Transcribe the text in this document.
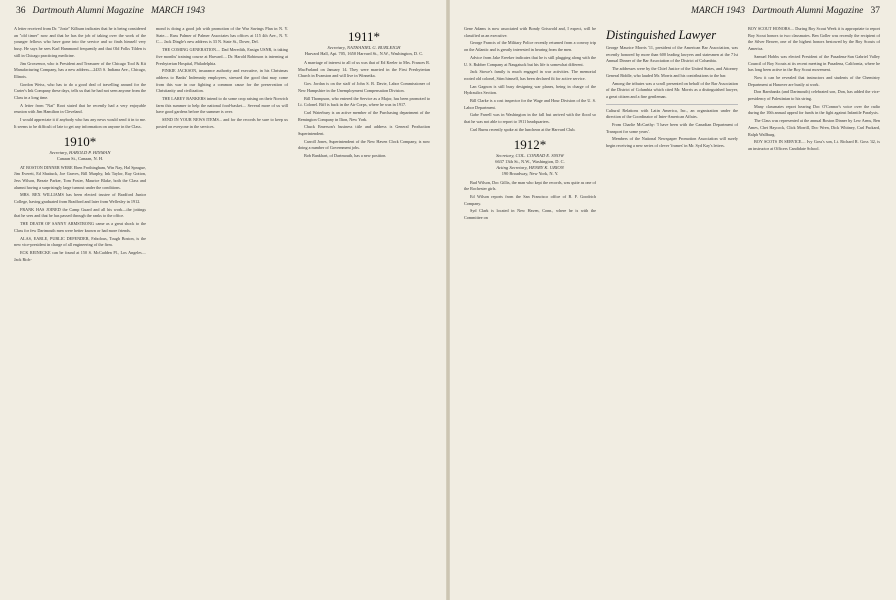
36 Dartmouth Alumni Magazine MARCH 1943

A letter received from Dr. "Josie" Kilburn indicates that he is being considered an "old timer" now and that he has the job of taking over the work of the younger fellows who have gone into the service and so finds himself very busy. He says he sees Karl Hammond frequently and that Old Folks Tilden is still in Chicago practicing medicine.

Jim Grosvenor, who is President and Treasurer of the Chicago Tool & Kit Manufacturing Company, has a new address—2435 S. Indiana Ave., Chicago, Illinois.

Gordon Weiss, who has to do a good deal of travelling around for the Carter's Ink Company these days, tells us that he had not seen anyone from the Class in a long time.

A letter from "Nat" Root stated that he recently had a very enjoyable reunion with Jim Hamilton in Cleveland.

I would appreciate it if anybody who has any news would send it in to me. It seems to be difficult of late to get any information on anyone in the Class.

1910*
Secretary, HAROLD P. HINMAN
Canaan St., Canaan, N. H.

AT BOSTON DINNER WERE Eben Frothingham, Win Nay, Hal Sprague, Jim Everett, Ed Shattuck, Joe Graves, Bill Murphy, Ink Taylor, Ray Gotton, Jess Wilson, Bezzie Parker, Tom Foster, Maurice Blake, both the Class and alumni having a surprisingly large turnout under the conditions.

MRS. REX WILLIAMS has been elected trustee of Bradford Junior College, having graduated from Bradford and later from Wellesley in 1912.

FRANK HAS JOINED the Camp Guard and all his work—the jottings that he sees and that he has passed through the ranks to the office.

THE DEATH OF SANNY ARMSTRONG came as a great shock to the Class for few Dartmouth men were better known or had more friends.

ALAS, EARLE, PUBLIC DEFENDER, Fabolous, Tough Boston, is the new vice-president in charge of all engineering of the firm.

ECK REINECKE can be found at 150 S. McCadden Pl., Los Angeles.... Jack Rich-

mond is doing a good job with promotion of the War Savings Plan in N. Y. State.... Russ Palmer of Palmer Associates has offices at 115 4th Ave., N. Y. C.... Jack Dingle's new address is 33 N. State St., Dover, Del.

THE COMING GENERATION.... Dad Meredith, Ensign USNR, is taking five months' training course at Harvard.... Dr. Harold Robinson is interning at Presbyterian Hospital, Philadelphia.

PINKIE JACKSON, insurance authority and executive, in his Christmas address to Banks' Indemnity employees, stressed the good that may come from this war in our fighting a common cause for the preservation of Christianity and civilization.

THE LAREY BANKERS intend to do some crop raising on their Norwich farm this summer to help the national food-basket.... Several more of us will have good gardens before the summer is over.

SEND IN YOUR NEWS ITEMS... and for the records be sure to keep us posted on everyone in the services.

1911*
Secretary, NATHANIEL G. BURLEIGH
Harvard Hall, Apt. 705, 1650 Harvard St., N.W., Washington, D. C.

A marriage of interest to all of us was that of Ed Keeler to Mrs. Frances R. MacFarland on January 14. They were married in the First Presbyterian Church in Evanston and will live in Winnetka.

Gov. Jordan is on the staff of John S. B. Davie, Labor Commissioner of New Hampshire in the Unemployment Compensation Division.

Bill Thompson, who entered the Service as a Major, has been promoted to Lt. Colonel. Biff is back in the Air Corps, where he was in 1917.

Carl Waterbury is an active member of the Purchasing department of the Remington Company in Ilion, New York.

Chuck Emerson's business title and address is General Production Superintendent.

Carroll Jones, Superintendent of the New Haven Clock Company, is now doing a number of Government jobs.

Bob Bankhart, of Dartmouth, has a new position.

MARCH 1943 Dartmouth Alumni Magazine 37

Gene Adams is now associated with Bondy Griswold and, I expect, will be classified as an executive.

George Francis of the Military Police recently returned from a convoy trip on the Atlantic and is greatly interested in hearing from the men.

Advice from Jake Ereeker indicates that he is still plugging along with the U. S. Rubber Company at Naugatuck but his life is somewhat different.

Jack Stowe's family is much engaged in war activities. The memorial rooted old colonel, Stim himself, has been declared fit for active service.

Lan Gagnon is still busy designing war planes, being in charge of the Hydraulics Section.

Bill Clarke is a cost inspector for the Wage and Hour Division of the U. S. Labor Department.

Gabe Farrell was in Washington in the fall but arrived with the flood so that he was not able to report to 1911 headquarters.

Carl Burns recently spoke at the luncheon at the Harvard Club.

1912*
Secretary, COL. CONRAD E. SNOW
6637 13th St., N.W., Washington, D. C.
Acting Secretary, HENRY K. URION
190 Broadway, New York, N. Y.

Bud Wilson, Doc Gillis, the man who kept the records, was quite as one of the Rochester girls.

Ed Wilson reports from the San Francisco office of B. F. Goodrich Company.

Syd Clark is located in New Haven, Conn., where he is with the Committee on

Distinguished Lawyer

George Maurice Morris '11, president of the American Bar Association, was recently honored by more than 600 leading lawyers and statesmen at the 71st Annual Dinner of the Bar Association of the District of Columbia.

The addresses were by the Chief Justice of the United States, and Attorney General Biddle, who lauded Mr. Morris and his contributions to the bar.

Among the tributes was a scroll presented on behalf of the Bar Association of the District of Columbia which cited Mr. Morris as a distinguished lawyer, a great citizen and a fine gentleman.

Cultural Relations with Latin America, Inc., an organization under the direction of the Coordinator of Inter-American Affairs.

From Charlie McCarthy: 'I have been with the Canadian Department of Transport for some years'.

Members of the National Newspaper Promotion Association will surely begin receiving a new series of clever 'frames' in Mr. Syd Kay's letters.

BOY SCOUT HONORS.... During Boy Scout Week it is appropriate to report Boy Scout honors to two classmates. Ben Goller was recently the recipient of the Silver Beaver, one of the highest honors bestowed by the Boy Scouts of America.

Samuel Hobbs was elected President of the Pasadena-San Gabriel Valley Council of Boy Scouts at its recent meeting in Pasadena, California, where he has long been active in the Boy Scout movement.

Now it can be revealed that instructors and students of the Chemistry Department at Hanover are busily at work.

Don Barnhanks (and Dartmouth) celebrated son, Don, has added the vice-presidency of Palestinian to his string.

Many classmates report hearing Doc O'Connor's voice over the radio during the 10th annual appeal for funds in the fight against Infantile Paralysis.

The Class was represented at the annual Boston Dinner by Lew Arms, Ben Ames, Chet Haycock, Click Morrill, Doc Wren, Dick Whitney, Carl Packard, Ralph Wallburg.

BOY SCOTS IN SERVICE.... Ivy Goss's son, Lt. Richard R. Goss '42, is an instructor at Officers Candidate School.
